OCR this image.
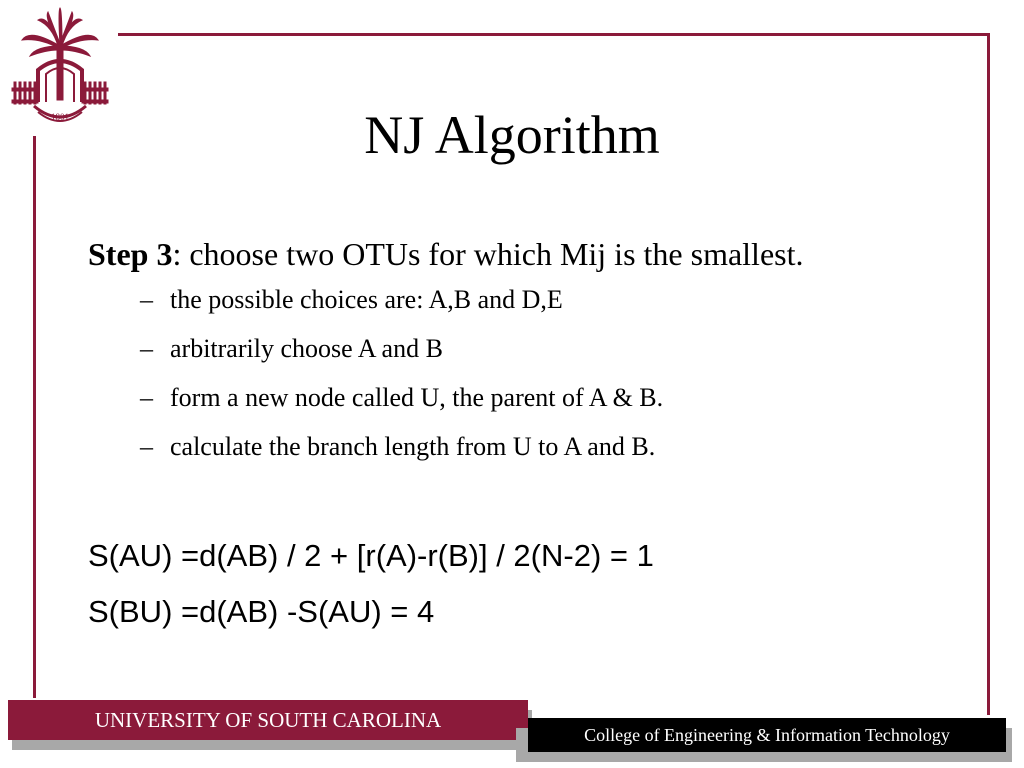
1801	NJ Algorithm

Step 3: choose two OTUs for which Mij is the smallest.

– the possible choices are: A,B and D,E
– arbitrarily choose A and B
– form a new node called U, the parent of A & B.
– calculate the branch length from U to A and B.

S(AU) =d(AB) / 2 + [r(A)-r(B)] / 2(N-2) = 1

S(BU) =d(AB) -S(AU) = 4

UNIVERSITY OF SOUTH CAROLINA
College of Engineering & Information Technology
